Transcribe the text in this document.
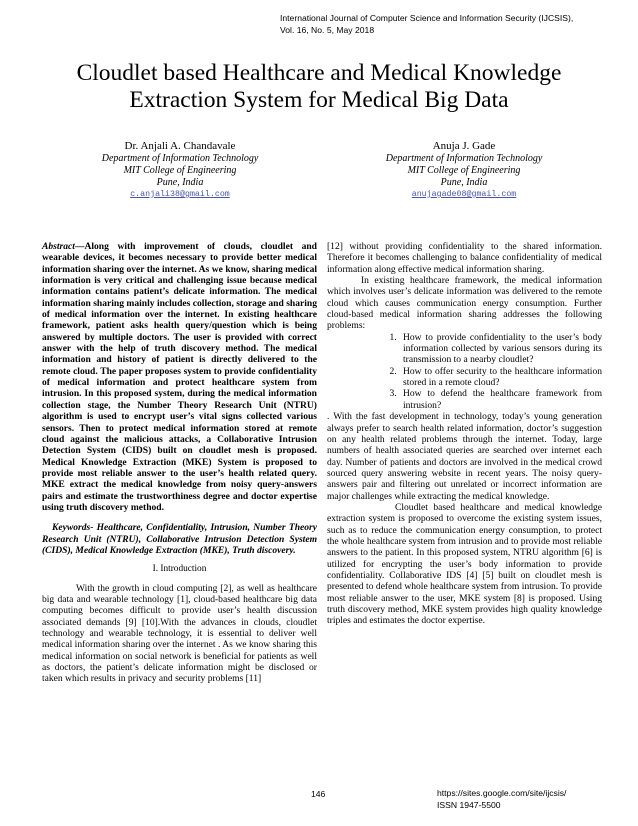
International Journal of Computer Science and Information Security (IJCSIS),
Vol. 16, No. 5, May 2018
Cloudlet based Healthcare and Medical Knowledge
Extraction System for Medical Big Data
Dr. Anjali A. Chandavale
Department of Information Technology
MIT College of Engineering
Pune, India
c.anjali38@gmail.com
Anuja J. Gade
Department of Information Technology
MIT College of Engineering
Pune, India
anujagade08@gmail.com

Abstract—Along with improvement of clouds, cloudlet and wearable devices, it becomes necessary to provide better medical information sharing over the internet. As we know, sharing medical information is very critical and challenging issue because medical information contains patient’s delicate information. The medical information sharing mainly includes collection, storage and sharing of medical information over the internet. In existing healthcare framework, patient asks health query/question which is being answered by multiple doctors. The user is provided with correct answer with the help of truth discovery method. The medical information and history of patient is directly delivered to the remote cloud. The paper proposes system to provide confidentiality of medical information and protect healthcare system from intrusion. In this proposed system, during the medical information collection stage, the Number Theory Research Unit (NTRU) algorithm is used to encrypt user’s vital signs collected various sensors. Then to protect medical information stored at remote cloud against the malicious attacks, a Collaborative Intrusion Detection System (CIDS) built on cloudlet mesh is proposed. Medical Knowledge Extraction (MKE) System is proposed to provide most reliable answer to the user’s health related query. MKE extract the medical knowledge from noisy query-answers pairs and estimate the trustworthiness degree and doctor expertise using truth discovery method.

Keywords- Healthcare, Confidentiality, Intrusion, Number Theory Research Unit (NTRU), Collaborative Intrusion Detection System (CIDS), Medical Knowledge Extraction (MKE), Truth discovery.

I. Introduction

With the growth in cloud computing [2], as well as healthcare big data and wearable technology [1], cloud-based healthcare big data computing becomes difficult to provide user’s health discussion associated demands [9] [10].With the advances in clouds, cloudlet technology and wearable technology, it is essential to deliver well medical information sharing over the internet . As we know sharing this medical information on social network is beneficial for patients as well as doctors, the patient’s delicate information might be disclosed or taken which results in privacy and security problems [11]

[12] without providing confidentiality to the shared information. Therefore it becomes challenging to balance confidentiality of medical information along effective medical information sharing.

In existing healthcare framework, the medical information which involves user’s delicate information was delivered to the remote cloud which causes communication energy consumption. Further cloud-based medical information sharing addresses the following problems:

1. How to provide confidentiality to the user’s body information collected by various sensors during its transmission to a nearby cloudlet?
2. How to offer security to the healthcare information stored in a remote cloud?
3. How to defend the healthcare framework from intrusion?

. With the fast development in technology, today’s young generation always prefer to search health related information, doctor’s suggestion on any health related problems through the internet. Today, large numbers of health associated queries are searched over internet each day. Number of patients and doctors are involved in the medical crowd sourced query answering website in recent years. The noisy query-answers pair and filtering out unrelated or incorrect information are major challenges while extracting the medical knowledge.

Cloudlet based healthcare and medical knowledge extraction system is proposed to overcome the existing system issues, such as to reduce the communication energy consumption, to protect the whole healthcare system from intrusion and to provide most reliable answers to the patient. In this proposed system, NTRU algorithm [6] is utilized for encrypting the user’s body information to provide confidentiality. Collaborative IDS [4] [5] built on cloudlet mesh is presented to defend whole healthcare system from intrusion. To provide most reliable answer to the user, MKE system [8] is proposed. Using truth discovery method, MKE system provides high quality knowledge triples and estimates the doctor expertise.

146	https://sites.google.com/site/ijcsis/
ISSN 1947-5500
